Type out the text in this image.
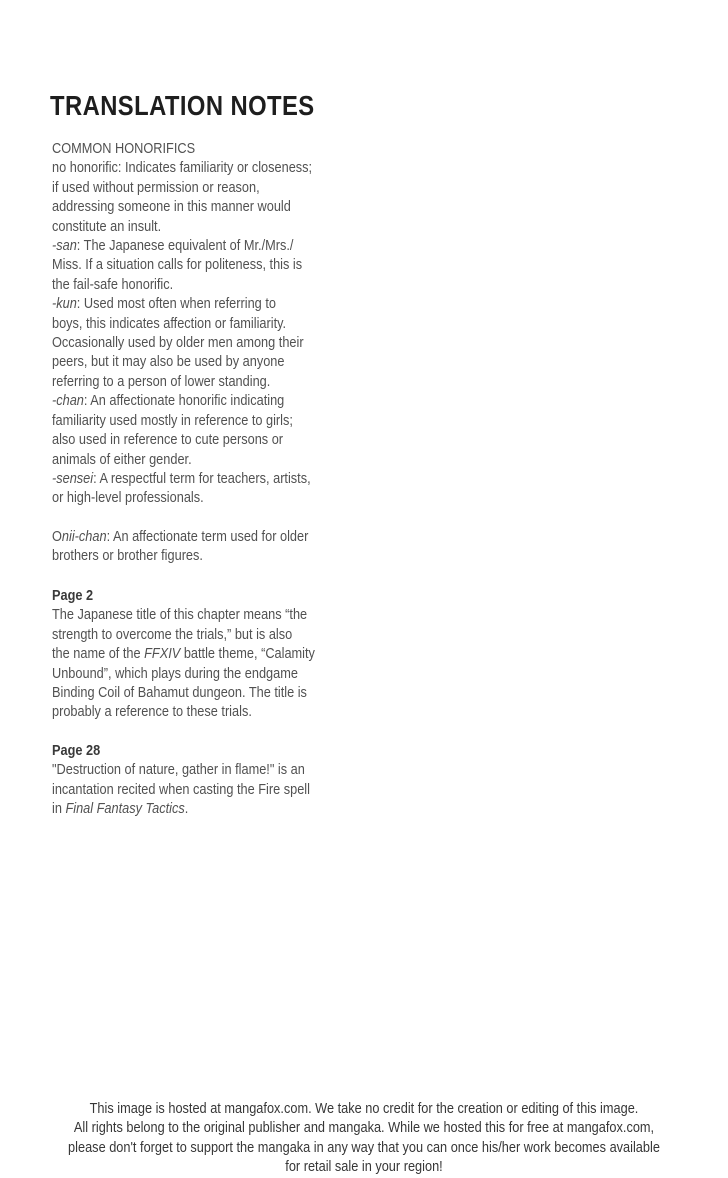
TRANSLATION NOTES
COMMON HONORIFICS
no honorific: Indicates familiarity or closeness;
if used without permission or reason,
addressing someone in this manner would
constitute an insult.
-san: The Japanese equivalent of Mr./Mrs./
Miss. If a situation calls for politeness, this is
the fail-safe honorific.
-kun: Used most often when referring to
boys, this indicates affection or familiarity.
Occasionally used by older men among their
peers, but it may also be used by anyone
referring to a person of lower standing.
-chan: An affectionate honorific indicating
familiarity used mostly in reference to girls;
also used in reference to cute persons or
animals of either gender.
-sensei: A respectful term for teachers, artists,
or high-level professionals.
Onii-chan: An affectionate term used for older
brothers or brother figures.
Page 2
The Japanese title of this chapter means “the
strength to overcome the trials,” but is also
the name of the FFXIV battle theme, “Calamity
Unbound”, which plays during the endgame
Binding Coil of Bahamut dungeon. The title is
probably a reference to these trials.
Page 28
"Destruction of nature, gather in flame!" is an
incantation recited when casting the Fire spell
in Final Fantasy Tactics.
This image is hosted at mangafox.com. We take no credit for the creation or editing of this image.
All rights belong to the original publisher and mangaka. While we hosted this for free at mangafox.com,
please don't forget to support the mangaka in any way that you can once his/her work becomes available
for retail sale in your region!
